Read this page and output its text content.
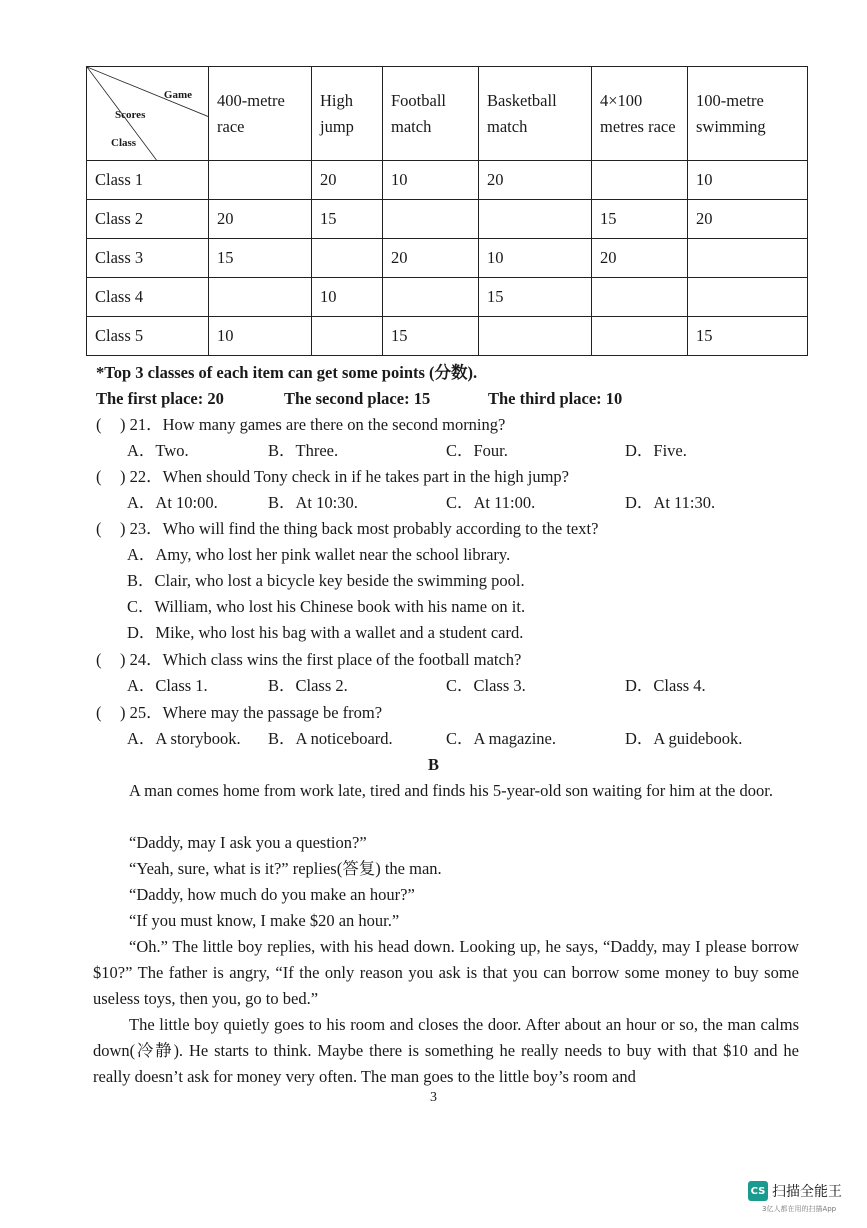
Game
Scores
Class	400-metre race	High jump	Football match	Basketball match	4×100 metres race	100-metre swimming
Class 1		20	10	20		10
Class 2	20	15			15	20
Class 3	15		20	10	20	
Class 4		10		15		
Class 5	10		15			15
*Top 3 classes of each item can get some points (分数).
The first place: 20	The second place: 15	The third place: 10
( ) 21．How many games are there on the second morning?
A．Two.	B．Three.	C．Four.	D．Five.
( ) 22．When should Tony check in if he takes part in the high jump?
A．At 10:00.	B．At 10:30.	C．At 11:00.	D．At 11:30.
( ) 23．Who will find the thing back most probably according to the text?
A．Amy, who lost her pink wallet near the school library.
B．Clair, who lost a bicycle key beside the swimming pool.
C．William, who lost his Chinese book with his name on it.
D．Mike, who lost his bag with a wallet and a student card.
( ) 24．Which class wins the first place of the football match?
A．Class 1.	B．Class 2.	C．Class 3.	D．Class 4.
( ) 25．Where may the passage be from?
A．A storybook. B．A noticeboard.	C．A magazine.	D．A guidebook.
B
A man comes home from work late, tired and finds his 5-year-old son waiting for him at the door.
“Daddy, may I ask you a question?”
“Yeah, sure, what is it?” replies(答复) the man.
“Daddy, how much do you make an hour?”
“If you must know, I make $20 an hour.”
“Oh.” The little boy replies, with his head down. Looking up, he says, “Daddy, may I please borrow $10?” The father is angry, “If the only reason you ask is that you can borrow some money to buy some useless toys, then you, go to bed.”
The little boy quietly goes to his room and closes the door. After about an hour or so, the man calms down(冷静). He starts to think. Maybe there is something he really needs to buy with that $10 and he really doesn’t ask for money very often. The man goes to the little boy’s room and
3
CS 扫描全能王
3亿人都在用的扫描App
